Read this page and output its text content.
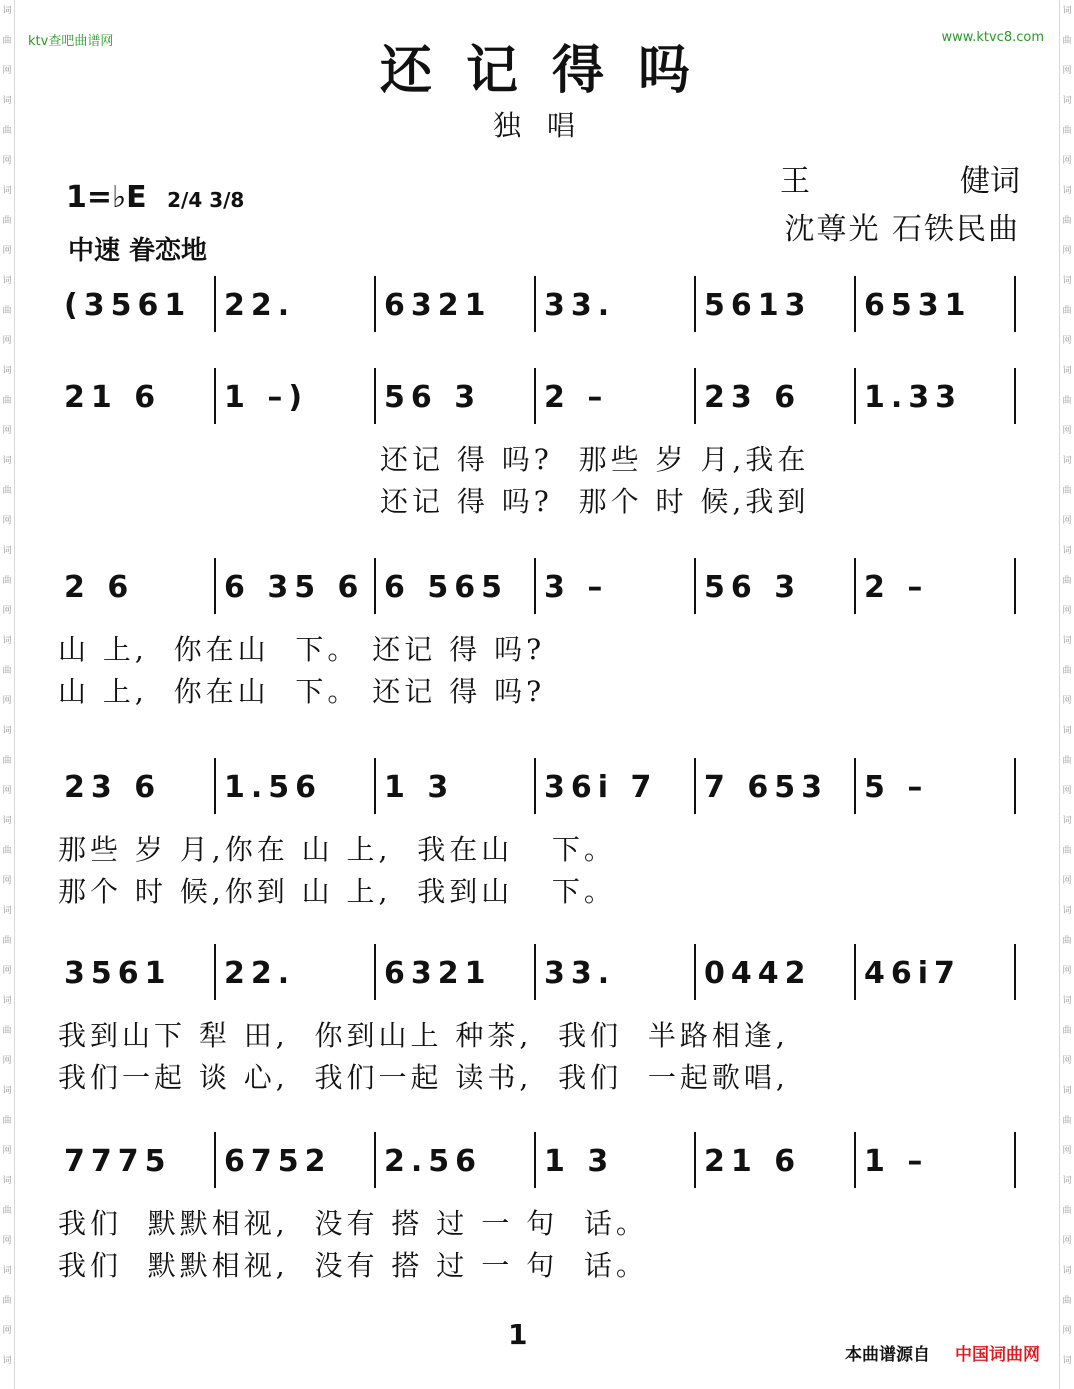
词
曲
网
词
曲
网
词
曲
网
词
曲
网
词
曲
网
词
曲
网
词
曲
网
词
曲
网
词
曲
网
词
曲
网
词
曲
网
词
曲
网
词
曲
网
词
曲
网
词
曲
网
词
词
曲
网
词
曲
网
词
曲
网
词
曲
网
词
曲
网
词
曲
网
词
曲
网
词
曲
网
词
曲
网
词
曲
网
词
曲
网
词
曲
网
词
曲
网
词
曲
网
词
曲
网
词
ktv查吧曲谱网	www.ktvc8.com
还记得吗
独唱
王	健词
沈尊光 石铁民曲
1=♭E 2/4 3/8
中速 眷恋地
(3561 22.	6321 33.	5613 6531
21 6 1 –)	56 3 2 –	23 6 1.33
还记 得 吗?  那些 岁 月,我在
还记 得 吗?  那个 时 候,我到
2 6	6 35 6 6 565 3 –	56 3 2 –
山 上,  你在山  下。 还记 得 吗?
山 上,  你在山  下。 还记 得 吗?
23 6 1.56 1 3	36i 7 7 653 5 –
那些 岁 月,你在 山 上,  我在山   下。
那个 时 候,你到 山 上,  我到山   下。
3561 22.	6321 33.	0442 46i7
我到山下 犁 田,  你到山上 种茶,  我们  半路相逢,
我们一起 谈 心,  我们一起 读书,  我们  一起歌唱,
7775 6752 2.56 1 3	21 6 1 –
我们  默默相视,  没有 搭 过 一 句  话。
我们  默默相视,  没有 搭 过 一 句  话。
1
本曲谱源自 中国词曲网
